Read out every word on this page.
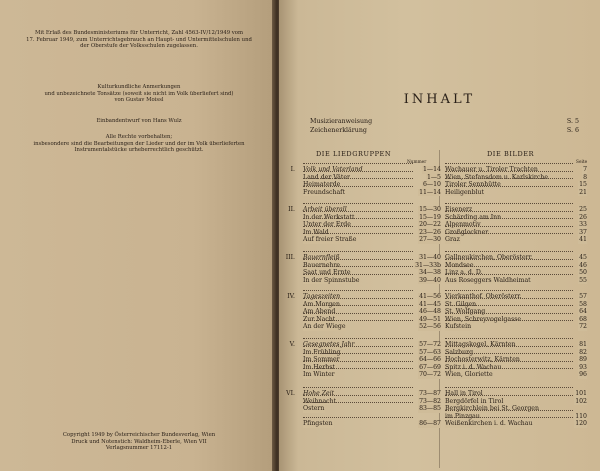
Mit Erlaß des Bundesministeriums für Unterricht, Zahl 4563-IV/12/1949 vom
17. Februar 1949, zum Unterrichtsgebrauch an Haupt- und Untermittelschulen und
der Oberstufe der Volksschulen zugelassen.
Kulturkundliche Anmerkungen
und unbezeichnete Tonsätze (soweit sie nicht im Volk überliefert sind)
von Gustav Moissl
Einbandentwurf von Hans Wulz
Alle Rechte vorbehalten;
insbesondere sind die Bearbeitungen der Lieder und der im Volk überlieferten
Instrumentalstücke urheberrechtlich geschützt.
Copyright 1949 by Österreichischer Bundesverlag, Wien
Druck und Notenstich: Waldheim-Eberle, Wien VII
Verlagsnummer 17112-1
INHALT
Musizieranweisung	S. 5
Zeichenerklärung	S. 6
DIE LIEDGRUPPEN	DIE BILDER
Nummer	Seite
I. Volk und Vaterland	1—14 Wachauer u. Tiroler Trachten	7
Land der Väter	1—5 Wien, Stefansdom u. Karlskirche	8
Heimaterde	6—10 Tiroler Sennhütte	15
Freundschaft	11—14 Heiligenblut	21
II. Arbeit überall	15—30 Eisenerz	25
In der Werkstatt	15—19 Schärding am Inn	26
Unter der Erde	20—22 Alpenmotiv	33
Im Wald	23—26 Großglockner	37
Auf freier Straße	27—30 Graz	41
III. Bauernfleiß	31—40 Gallneukirchen, Oberösterr.	45
Bauernehre	31—33b Mondsee	46
Saat und Ernte	34—38 Linz a. d. D.	50
In der Spinnstube	39—40 Aus Roseggers Waldheimat	55
IV. Tageszeiten	41—56 Vierkanthof, Oberösterr.	57
Am Morgen	41—45 St. Gilgen	58
Am Abend	46—48 St. Wolfgang	64
Zur Nacht	49—51 Wien, Schreyvogelgasse	68
An der Wiege	52—56 Kufstein	72
V. Gesegnetes Jahr	57—72 Mittagskogel, Kärnten	81
Im Frühling	57—63 Salzburg	82
Im Sommer	64—66 Hochosterwitz, Kärnten	89
Im Herbst	67—69 Spitz i. d. Wachau	93
Im Winter	70—72 Wien, Gloriette	96
VI. Hohe Zeit	73—87 Hall in Tirol	101
Weihnacht	73—82 Bergdörfel in Tirol	102
Ostern	83—85 Bergkirchlein bei St. Georgen
im Pinzgau	110
Pfingsten	86—87 Weißenkirchen i. d. Wachau	120
